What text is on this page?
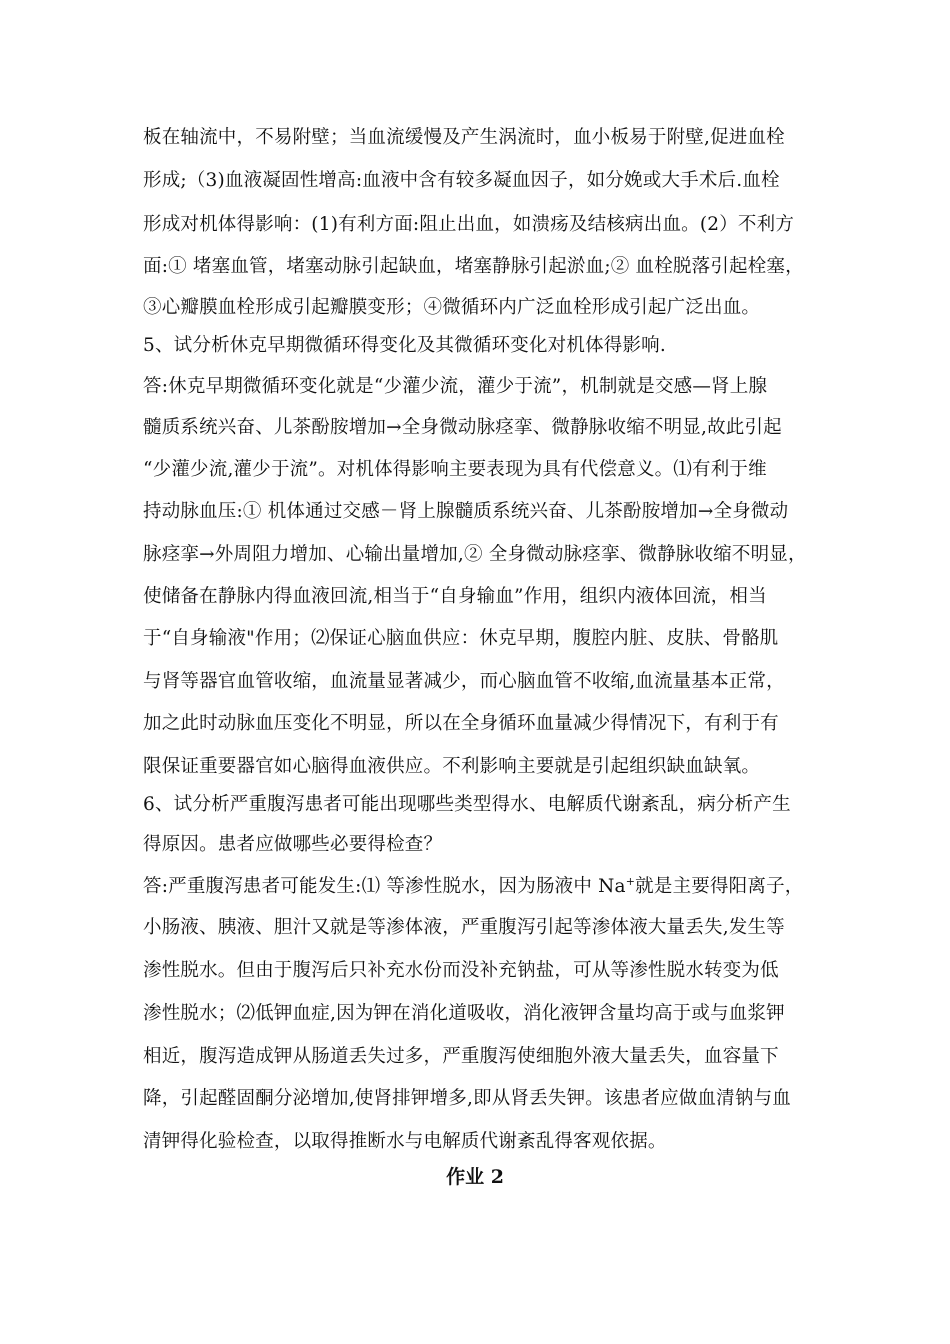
板在轴流中，不易附壁；当血流缓慢及产生涡流时，血小板易于附壁,促进血栓
形成;（3)血液凝固性增高:血液中含有较多凝血因子，如分娩或大手术后.血栓
形成对机体得影响：(1)有利方面:阻止出血，如溃疡及结核病出血。(2）不利方
面:① 堵塞血管，堵塞动脉引起缺血，堵塞静脉引起淤血;② 血栓脱落引起栓塞，
③心瓣膜血栓形成引起瓣膜变形；④微循环内广泛血栓形成引起广泛出血。
5、试分析休克早期微循环得变化及其微循环变化对机体得影响.
答:休克早期微循环变化就是“少灌少流，灌少于流”，机制就是交感—肾上腺
髓质系统兴奋、儿茶酚胺增加→全身微动脉痉挛、微静脉收缩不明显,故此引起
“少灌少流,灌少于流”。对机体得影响主要表现为具有代偿意义。⑴有利于维
持动脉血压:① 机体通过交感－肾上腺髓质系统兴奋、儿茶酚胺增加→全身微动
脉痉挛→外周阻力增加、心输出量增加,② 全身微动脉痉挛、微静脉收缩不明显，
使储备在静脉内得血液回流,相当于“自身输血”作用，组织内液体回流，相当
于“自身输液"作用；⑵保证心脑血供应：休克早期，腹腔内脏、皮肤、骨骼肌
与肾等器官血管收缩，血流量显著减少，而心脑血管不收缩,血流量基本正常，
加之此时动脉血压变化不明显，所以在全身循环血量减少得情况下，有利于有
限保证重要器官如心脑得血液供应。不利影响主要就是引起组织缺血缺氧。
6、试分析严重腹泻患者可能出现哪些类型得水、电解质代谢紊乱，病分析产生
得原因。患者应做哪些必要得检查？
答:严重腹泻患者可能发生:⑴ 等渗性脱水，因为肠液中 Na+就是主要得阳离子，
小肠液、胰液、胆汁又就是等渗体液，严重腹泻引起等渗体液大量丢失,发生等
渗性脱水。但由于腹泻后只补充水份而没补充钠盐，可从等渗性脱水转变为低
渗性脱水；⑵低钾血症,因为钾在消化道吸收，消化液钾含量均高于或与血浆钾
相近，腹泻造成钾从肠道丢失过多，严重腹泻使细胞外液大量丢失，血容量下
降，引起醛固酮分泌增加,使肾排钾增多,即从肾丢失钾。该患者应做血清钠与血
清钾得化验检查，以取得推断水与电解质代谢紊乱得客观依据。
作业 2
